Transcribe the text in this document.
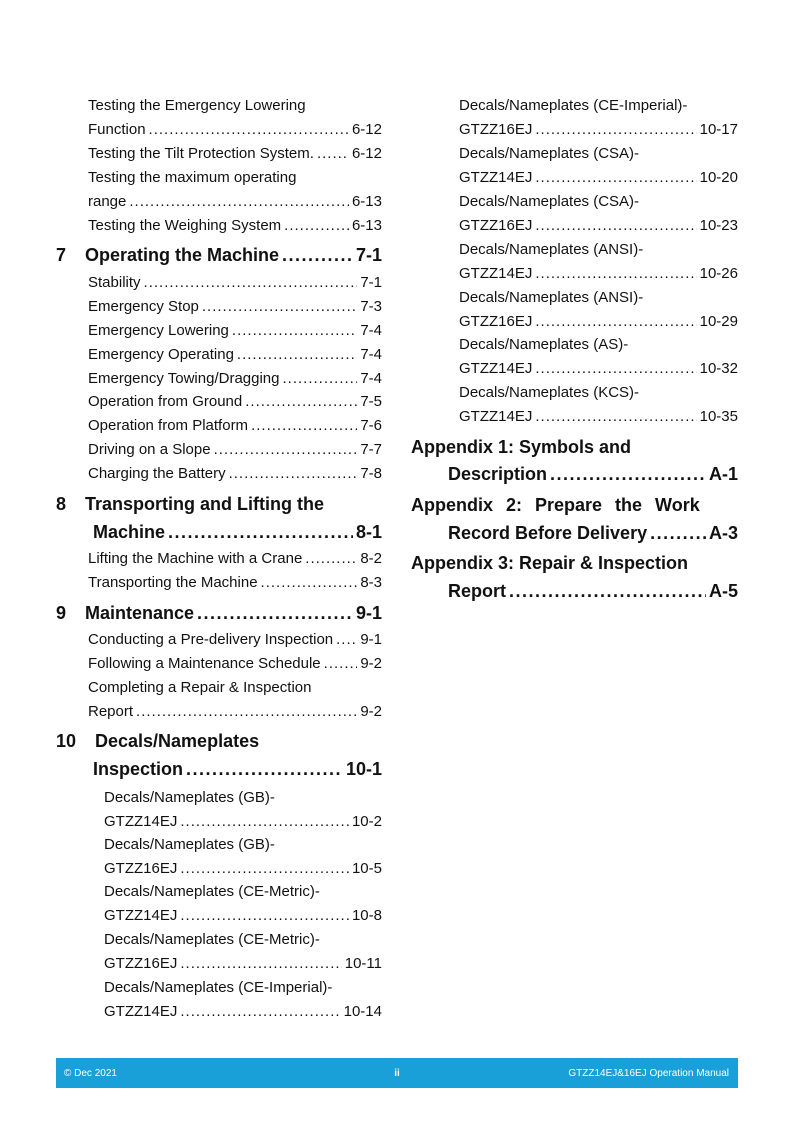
Testing the Emergency Lowering
Function .....	6-12
Testing the Tilt Protection System. .....	6-12
Testing the maximum operating
range .....	6-13
Testing the Weighing System .....	6-13
7	Operating the Machine .....	7-1
Stability .....	7-1
Emergency Stop .....	7-3
Emergency Lowering .....	7-4
Emergency Operating .....	7-4
Emergency Towing/Dragging .....	7-4
Operation from Ground .....	7-5
Operation from Platform .....	7-6
Driving on a Slope .....	7-7
Charging the Battery .....	7-8
8	Transporting and Lifting the
Machine .....	8-1
Lifting the Machine with a Crane .....	8-2
Transporting the Machine .....	8-3
9	Maintenance .....	9-1
Conducting a Pre-delivery Inspection ..... 9-1
Following a Maintenance Schedule .....	9-2
Completing a Repair & Inspection
Report .....	9-2
10	Decals/Nameplates
Inspection .....	10-1
Decals/Nameplates (GB)-
GTZZ14EJ .....	10-2
Decals/Nameplates (GB)-
GTZZ16EJ .....	10-5
Decals/Nameplates (CE-Metric)-
GTZZ14EJ .....	10-8
Decals/Nameplates (CE-Metric)-
GTZZ16EJ .....	10-11
Decals/Nameplates (CE-Imperial)-
GTZZ14EJ .....	10-14
Decals/Nameplates (CE-Imperial)-
GTZZ16EJ .....	10-17
Decals/Nameplates (CSA)-
GTZZ14EJ .....	10-20
Decals/Nameplates (CSA)-
GTZZ16EJ .....	10-23
Decals/Nameplates (ANSI)-
GTZZ14EJ .....	10-26
Decals/Nameplates (ANSI)-
GTZZ16EJ .....	10-29
Decals/Nameplates (AS)-
GTZZ14EJ .....	10-32
Decals/Nameplates (KCS)-
GTZZ14EJ .....	10-35
Appendix 1: Symbols and
Description .....	A-1
Appendix 2: Prepare the Work
Record Before Delivery .....	A-3
Appendix 3: Repair & Inspection
Report .....	A-5
© Dec 2021	ii	GTZZ14EJ&16EJ Operation Manual
